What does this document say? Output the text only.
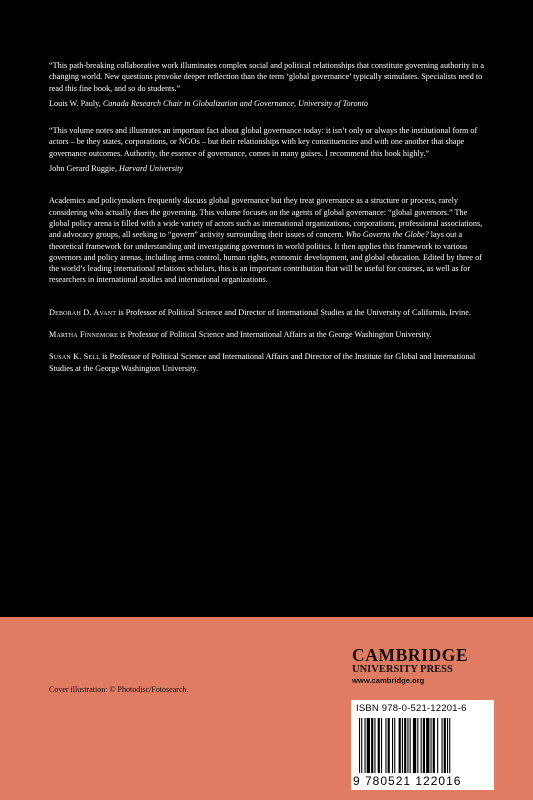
“This path-breaking collaborative work illuminates complex social and political relationships that constitute governing authority in a changing world. New questions provoke deeper reflection than the term ‘global governance’ typically stimulates. Specialists need to read this fine book, and so do students.”

Louis W. Pauly, Canada Research Chair in Globalization and Governance, University of Toronto

“This volume notes and illustrates an important fact about global governance today: it isn’t only or always the institutional form of actors – be they states, corporations, or NGOs – but their relationships with key constituencies and with one another that shape governance outcomes. Authority, the essence of governance, comes in many guises. I recommend this book highly.”

John Gerard Ruggie, Harvard University

Academics and policymakers frequently discuss global governance but they treat governance as a structure or process, rarely considering who actually does the governing. This volume focuses on the agents of global governance: “global governors.” The global policy arena is filled with a wide variety of actors such as international organizations, corporations, professional associations, and advocacy groups, all seeking to “govern” activity surrounding their issues of concern. Who Governs the Globe? lays out a theoretical framework for understanding and investigating governors in world politics. It then applies this framework to various governors and policy arenas, including arms control, human rights, economic development, and global education. Edited by three of the world’s leading international relations scholars, this is an important contribution that will be useful for courses, as well as for researchers in international studies and international organizations.

Deborah D. Avant is Professor of Political Science and Director of International Studies at the University of California, Irvine.

Martha Finnemore is Professor of Political Science and International Affairs at the George Washington University.

Susan K. Sell is Professor of Political Science and International Affairs and Director of the Institute for Global and International Studies at the George Washington University.

Cover illustration: © Photodisc/Fotosearch.
CAMBRIDGE
UNIVERSITY PRESS
www.cambridge.org
ISBN 978-0-521-12201-6
9 780521 122016
